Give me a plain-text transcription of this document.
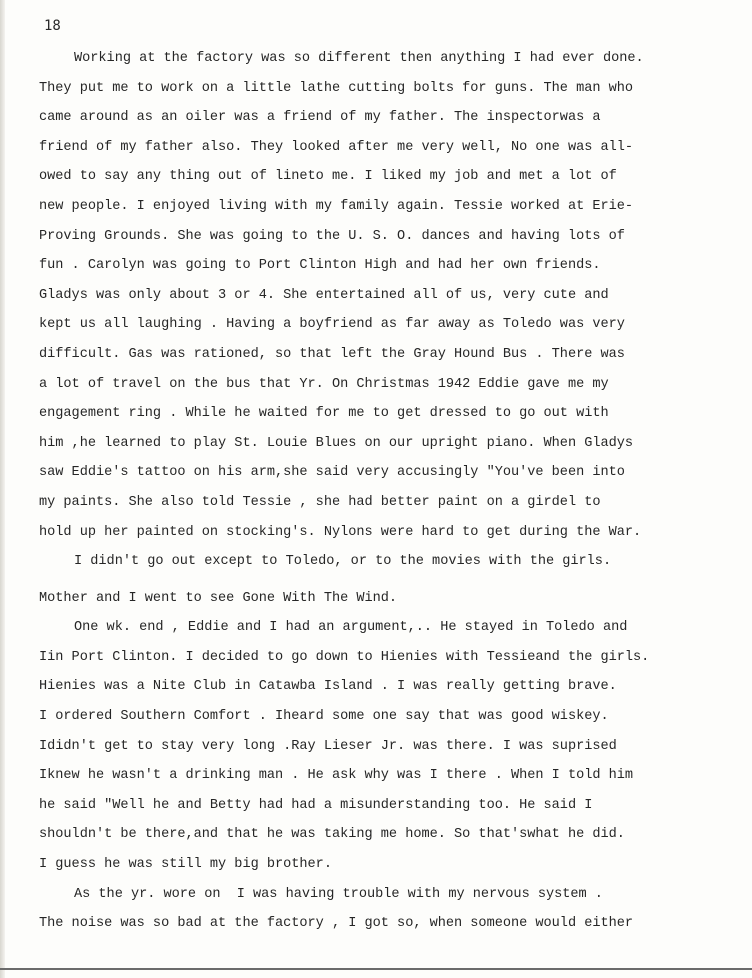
18
Working at the factory was so different then anything I had ever done.
They put me to work on a little lathe cutting bolts for guns. The man who
came around as an oiler was a friend of my father. The inspectorwas a
friend of my father also. They looked after me very well, No one was all-
owed to say any thing out of lineto me. I liked my job and met a lot of
new people. I enjoyed living with my family again. Tessie worked at Erie-
Proving Grounds. She was going to the U. S. O. dances and having lots of
fun . Carolyn was going to Port Clinton High and had her own friends.
Gladys was only about 3 or 4. She entertained all of us, very cute and
kept us all laughing . Having a boyfriend as far away as Toledo was very
difficult. Gas was rationed, so that left the Gray Hound Bus . There was
a lot of travel on the bus that Yr. On Christmas 1942 Eddie gave me my
engagement ring . While he waited for me to get dressed to go out with
him ,he learned to play St. Louie Blues on our upright piano. When Gladys
saw Eddie's tattoo on his arm,she said very accusingly "You've been into
my paints. She also told Tessie , she had better paint on a girdel to
hold up her painted on stocking's. Nylons were hard to get during the War.
I didn't go out except to Toledo, or to the movies with the girls.
Mother and I went to see Gone With The Wind.
One wk. end , Eddie and I had an argument,.. He stayed in Toledo and
Iin Port Clinton. I decided to go down to Hienies with Tessieand the girls.
Hienies was a Nite Club in Catawba Island . I was really getting brave.
I ordered Southern Comfort . Iheard some one say that was good wiskey.
Ididn't get to stay very long .Ray Lieser Jr. was there. I was suprised
Iknew he wasn't a drinking man . He ask why was I there . When I told him
he said "Well he and Betty had had a misunderstanding too. He said I
shouldn't be there,and that he was taking me home. So that'swhat he did.
I guess he was still my big brother.
As the yr. wore on  I was having trouble with my nervous system .
The noise was so bad at the factory , I got so, when someone would either
